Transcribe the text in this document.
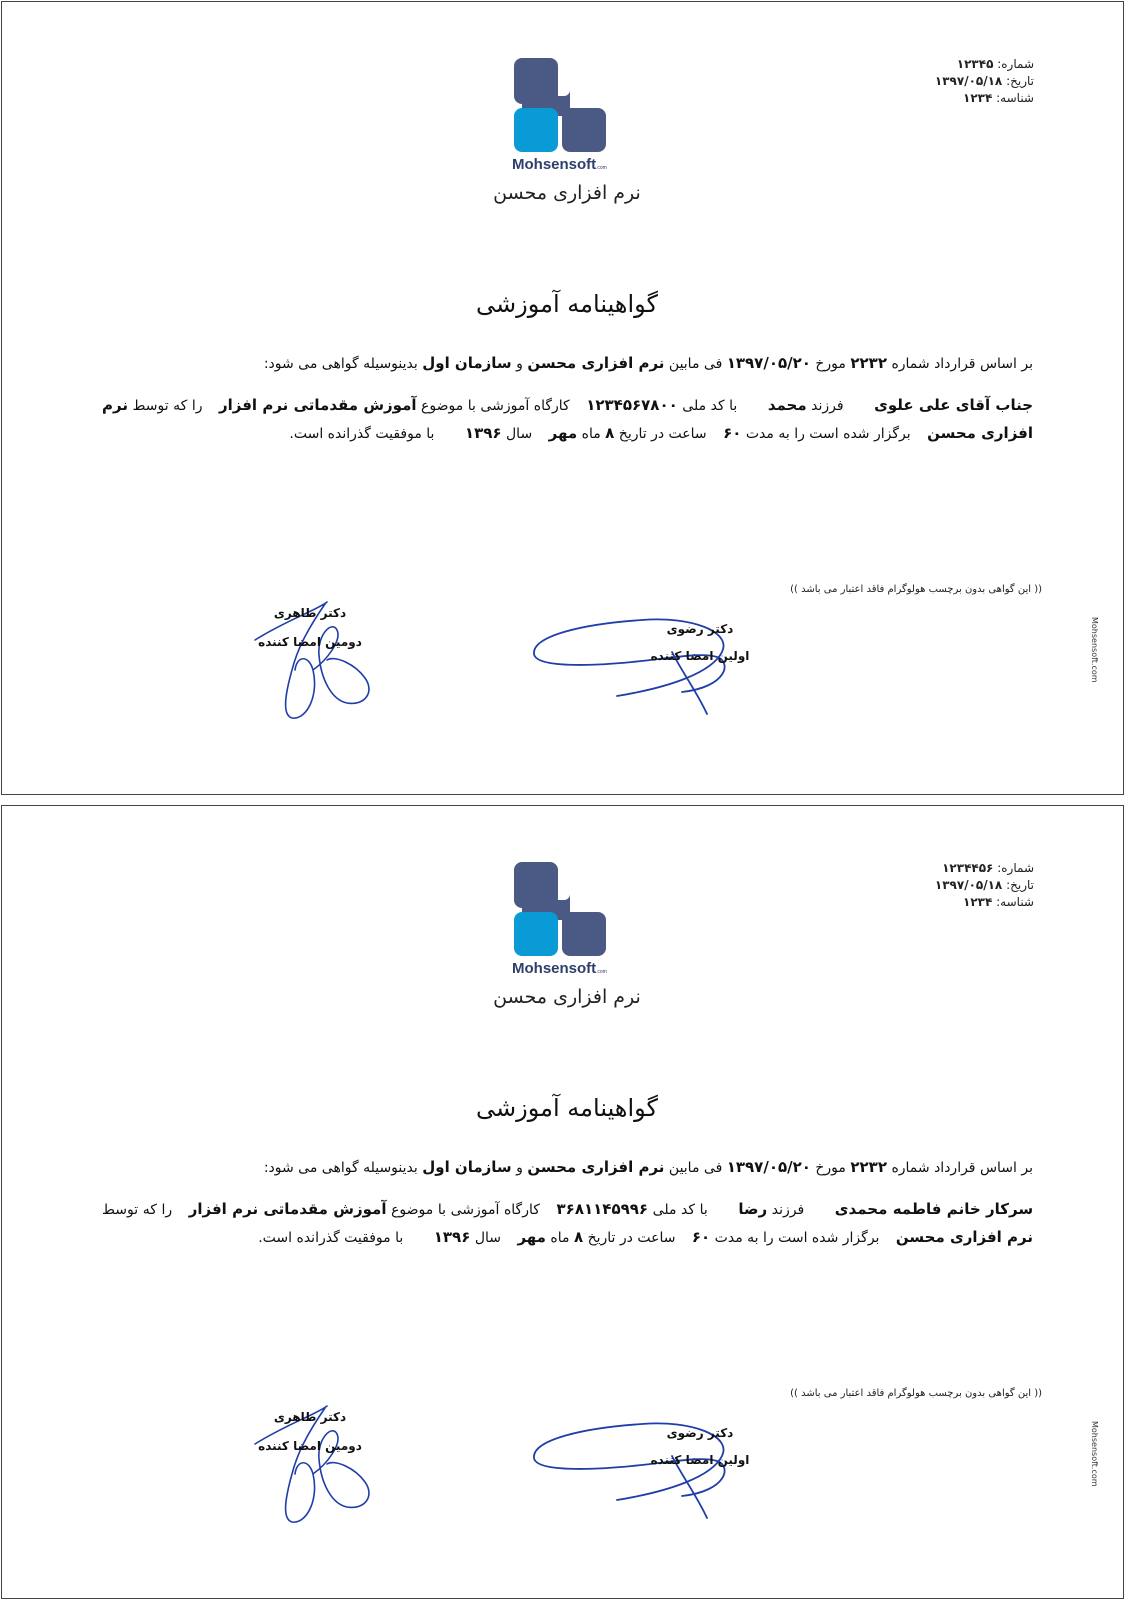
شماره: ۱۲۳۴۵
تاریخ: ۱۳۹۷/۰۵/۱۸
شناسه: ۱۲۳۴
Mohsensoft .com
نرم افزاری محسن
گواهینامه آموزشی
بر اساس قرارداد شماره ۲۲۳۲ مورخ ۱۳۹۷/۰۵/۲۰ فی مابین نرم افزاری محسن و سازمان اول بدینوسیله گواهی می شود:
جناب آقای علی علوی فرزند محمد با کد ملی ۱۲۳۴۵۶۷۸۰۰ کارگاه آموزشی با موضوع آموزش مقدماتی نرم افزار را که توسط نرم افزاری محسن برگزار شده است را به مدت ۶۰ ساعت در تاریخ ۸ ماه مهر سال ۱۳۹۶ با موفقیت گذرانده است.
(( این گواهی بدون برچسب هولوگرام فاقد اعتبار می باشد ))
Mohsensoft.com
دکتر رضوی
اولین امضا کننده
دکتر طاهری
دومین امضا کننده
شماره: ۱۲۳۴۴۵۶
تاریخ: ۱۳۹۷/۰۵/۱۸
شناسه: ۱۲۳۴
Mohsensoft .com
نرم افزاری محسن
گواهینامه آموزشی
بر اساس قرارداد شماره ۲۲۳۲ مورخ ۱۳۹۷/۰۵/۲۰ فی مابین نرم افزاری محسن و سازمان اول بدینوسیله گواهی می شود:
سرکار خانم فاطمه محمدی فرزند رضا با کد ملی ۳۶۸۱۱۴۵۹۹۶ کارگاه آموزشی با موضوع آموزش مقدماتی نرم افزار را که توسط نرم افزاری محسن برگزار شده است را به مدت ۶۰ ساعت در تاریخ ۸ ماه مهر سال ۱۳۹۶ با موفقیت گذرانده است.
(( این گواهی بدون برچسب هولوگرام فاقد اعتبار می باشد ))
Mohsensoft.com
دکتر رضوی
اولین امضا کننده
دکتر طاهری
دومین امضا کننده
